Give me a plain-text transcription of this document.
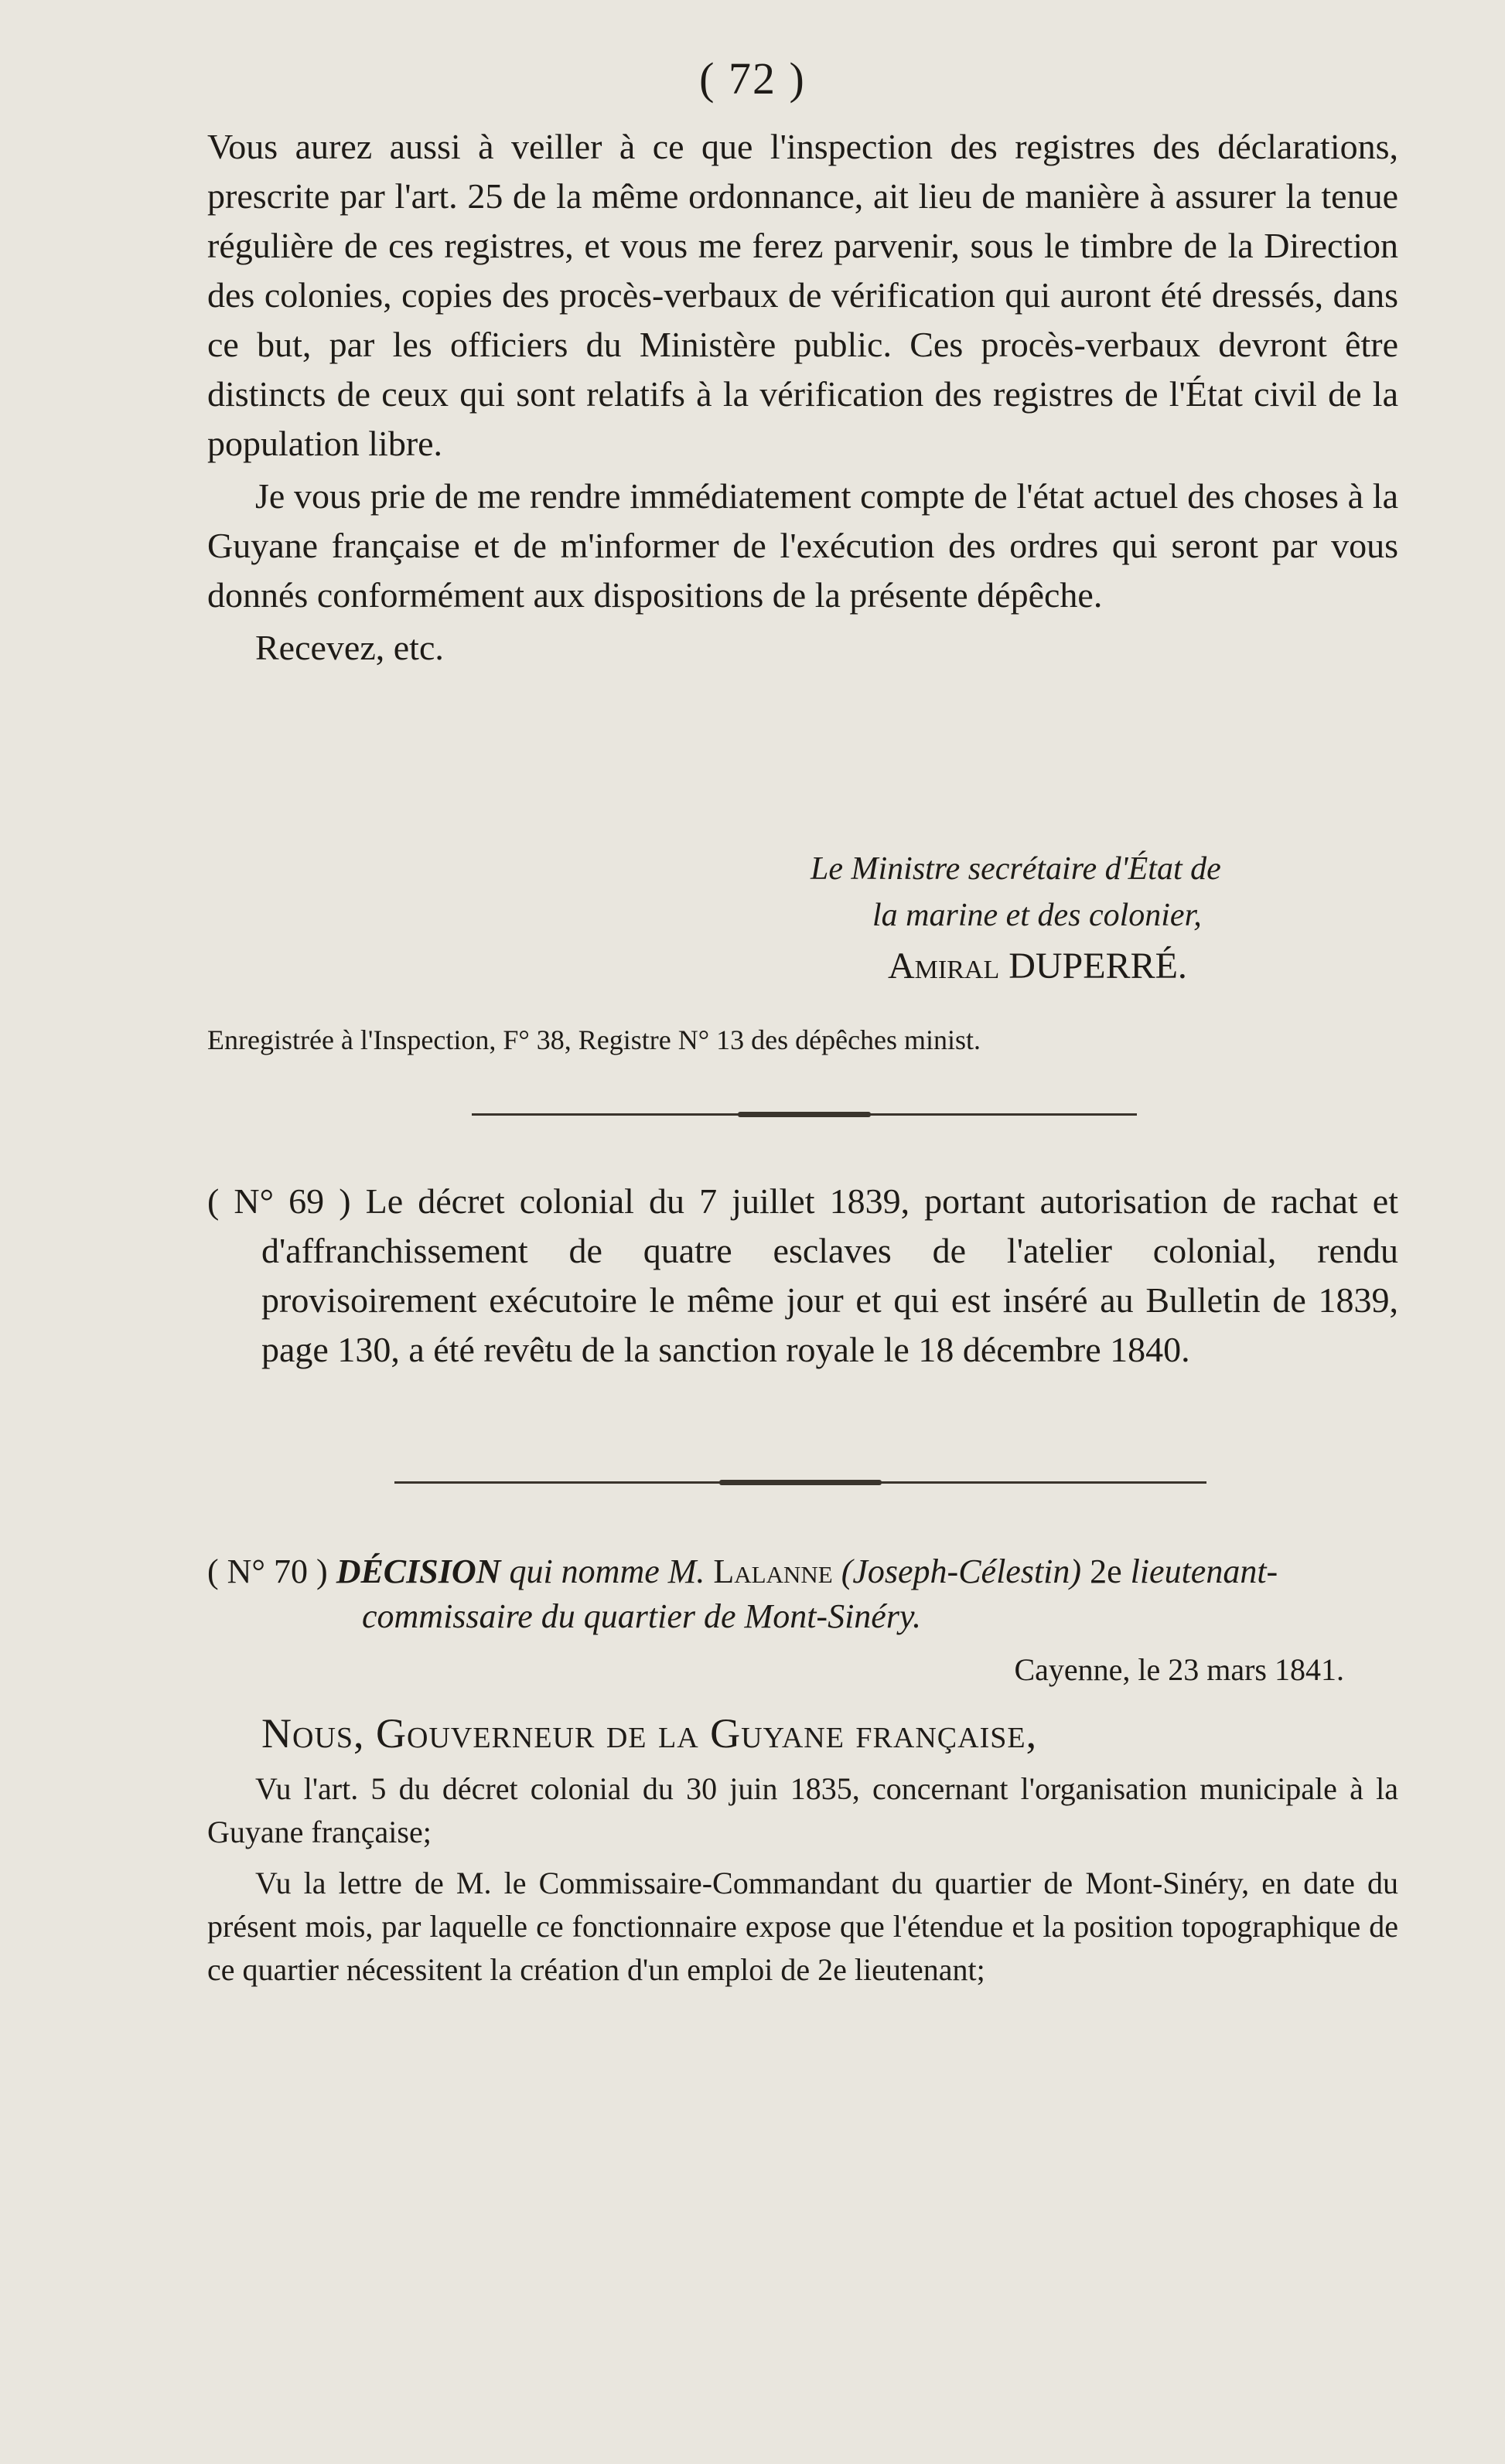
( 72 )

Vous aurez aussi à veiller à ce que l'inspection des registres des déclarations, prescrite par l'art. 25 de la même ordonnance, ait lieu de manière à assurer la tenue régulière de ces registres, et vous me ferez parvenir, sous le timbre de la Direction des colonies, copies des procès-verbaux de vérification qui auront été dressés, dans ce but, par les officiers du Ministère public. Ces procès-verbaux devront être distincts de ceux qui sont relatifs à la vérification des registres de l'État civil de la population libre.

Je vous prie de me rendre immédiatement compte de l'état actuel des choses à la Guyane française et de m'informer de l'exécution des ordres qui seront par vous donnés conformément aux dispositions de la présente dépêche.

Recevez, etc.

Le Ministre secrétaire d'État de

la marine et des colonier,

Amiral DUPERRÉ.

Enregistrée à l'Inspection, F° 38, Registre N° 13 des dépêches minist.

( N° 69 ) Le décret colonial du 7 juillet 1839, portant autorisation de rachat et d'affranchissement de quatre esclaves de l'atelier colonial, rendu provisoirement exécutoire le même jour et qui est inséré au Bulletin de 1839, page 130, a été revêtu de la sanction royale le 18 décembre 1840.

( N° 70 ) DÉCISION qui nomme M. Lalanne (Joseph-Célestin) 2e lieutenant-commissaire du quartier de Mont-Sinéry.

Cayenne, le 23 mars 1841.

Nous, Gouverneur de la Guyane française,

Vu l'art. 5 du décret colonial du 30 juin 1835, concernant l'organisation municipale à la Guyane française;

Vu la lettre de M. le Commissaire-Commandant du quartier de Mont-Sinéry, en date du présent mois, par laquelle ce fonctionnaire expose que l'étendue et la position topographique de ce quartier nécessitent la création d'un emploi de 2e lieutenant;
